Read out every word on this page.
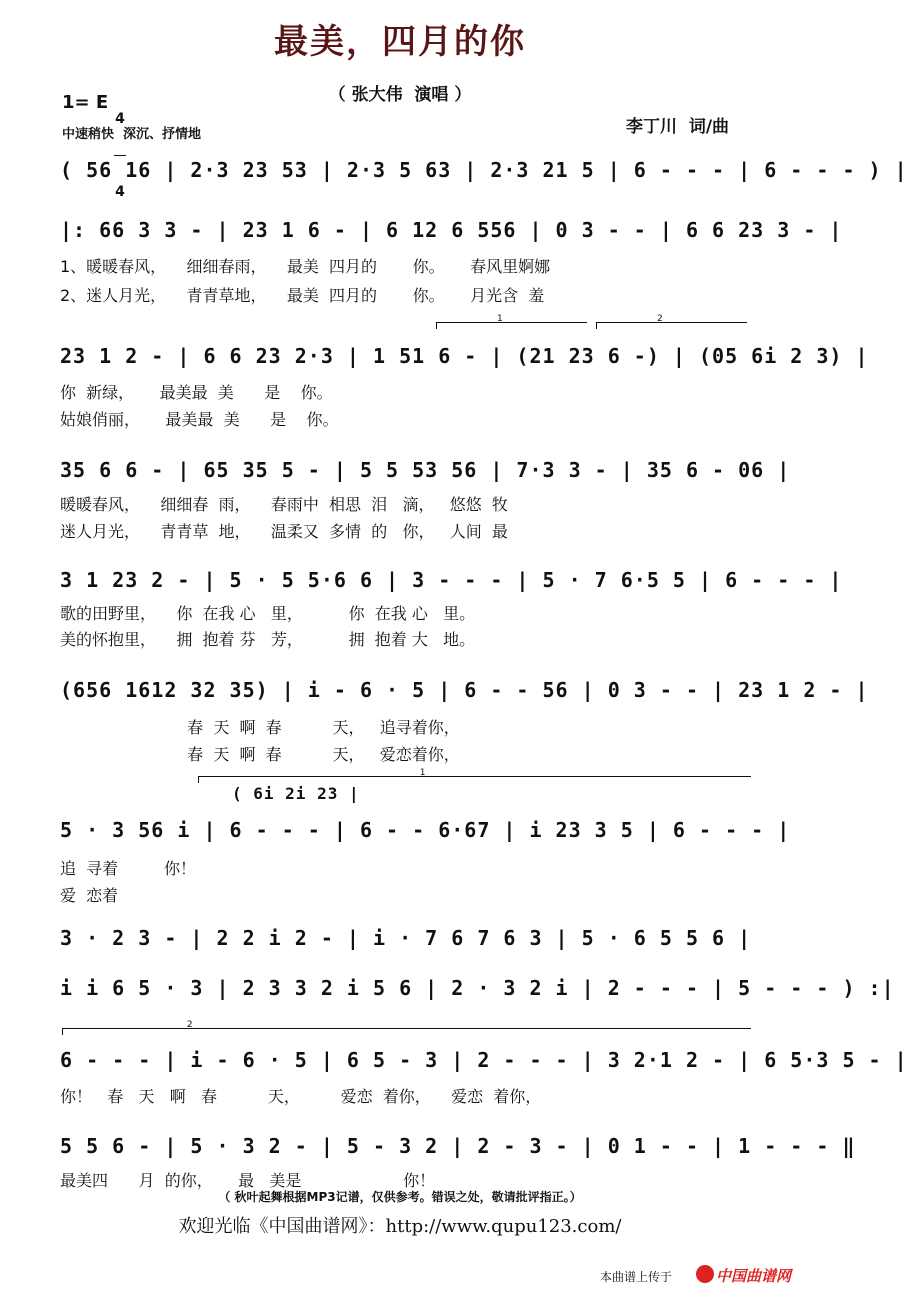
最美，四月的你
（ 张大伟  演唱 ）
1= E

4

4

中速稍快  深沉、抒情地	李丁川  词/曲
( 56 16 | 2·3 23 53 | 2·3 5 63 | 2·3 21 5 | 6 - - - | 6 - - - ) |
|: 66 3 3 - | 23 1 6 - | 6 12 6 556 | 0 3 - - | 6 6 23 3 - |
1、暖暖春风，    细细春雨，    最美  四月的       你。     春风里婀娜
2、迷人月光，    青青草地，    最美  四月的       你。     月光含  羞
1	2
23 1 2 - | 6 6 23 2·3 | 1 51 6 - | (21 23 6 -) | (05 6i 2 3) |
你  新绿，     最美最  美      是    你。
姑娘俏丽，     最美最  美      是    你。
35 6 6 - | 65 35 5 - | 5 5 53 56 | 7·3 3 - | 35 6 - 06 |
暖暖春风，    细细春  雨，    春雨中  相思  泪   滴，   悠悠  牧
迷人月光，    青青草  地，    温柔又  多情  的   你，   人间  最
3 1 23 2 - | 5 · 5 5·6 6 | 3 - - - | 5 · 7 6·5 5 | 6 - - - |
歌的田野里，    你  在我 心   里，         你  在我 心   里。
美的怀抱里，    拥  抱着 芬   芳，         拥  抱着 大   地。
(656 1612 32 35) | i - 6 · 5 | 6 - - 56 | 0 3 - - | 23 1 2 - |
春  天  啊  春          天，   追寻着你，
春  天  啊  春          天，   爱恋着你，
1
( 6i 2i 23 |
5 · 3 56 i | 6 - - - | 6 - - 6·67 | i 23 3 5 | 6 - - - |
追  寻着         你！
爱  恋着
3 · 2 3 - | 2 2 i 2 - | i · 7 6 7 6 3 | 5 · 6 5 5 6 |
i i 6 5 · 3 | 2 3 3 2 i 5 6 | 2 · 3 2 i | 2 - - - | 5 - - - ) :|
2
6 - - - | i - 6 · 5 | 6 5 - 3 | 2 - - - | 3 2·1 2 - | 6 5·3 5 - |
你！   春   天   啊   春          天，        爱恋  着你，    爱恋  着你，
5 5 6 - | 5 · 3 2 - | 5 - 3 2 | 2 - 3 - | 0 1 - - | 1 - - - ‖
最美四      月  的你，     最   美是                    你！
（ 秋叶起舞根据MP3记谱，仅供参考。错误之处，敬请批评指正。）
欢迎光临《中国曲谱网》：http://www.qupu123.com/
本曲谱上传于	中国曲谱网
